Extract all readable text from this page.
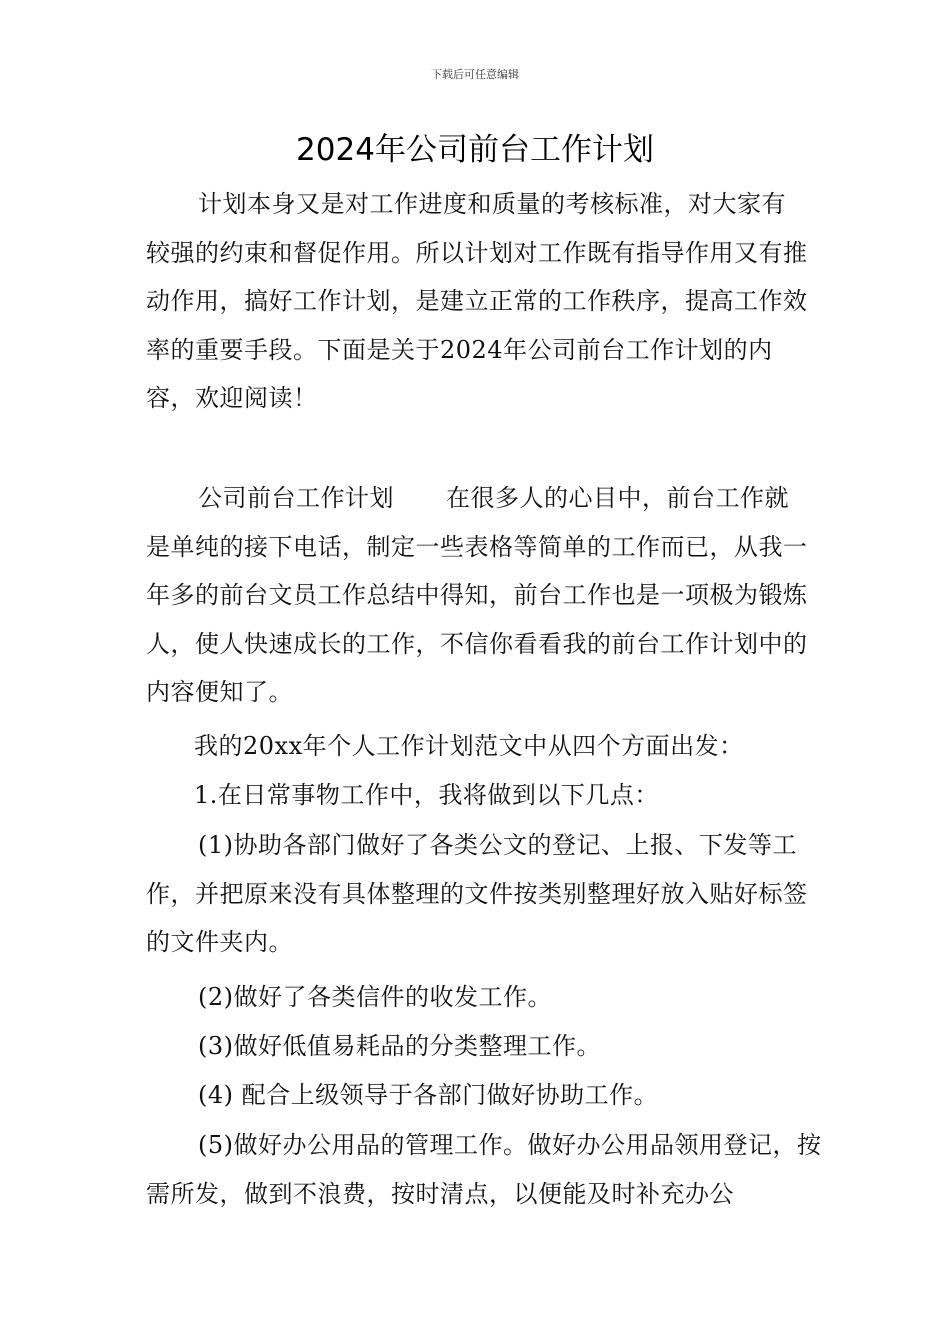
下载后可任意编辑
2024年公司前台工作计划

计划本身又是对工作进度和质量的考核标准，对大家有较强的约束和督促作用。所以计划对工作既有指导作用又有推动作用，搞好工作计划，是建立正常的工作秩序，提高工作效率的重要手段。下面是关于2024年公司前台工作计划的内容，欢迎阅读！

公司前台工作计划 在很多人的心目中，前台工作就是单纯的接下电话，制定一些表格等简单的工作而已，从我一年多的前台文员工作总结中得知，前台工作也是一项极为锻炼人，使人快速成长的工作，不信你看看我的前台工作计划中的内容便知了。

我的20xx年个人工作计划范文中从四个方面出发：

1.在日常事物工作中，我将做到以下几点：

(1)协助各部门做好了各类公文的登记、上报、下发等工作，并把原来没有具体整理的文件按类别整理好放入贴好标签的文件夹内。

(2)做好了各类信件的收发工作。

(3)做好低值易耗品的分类整理工作。

(4) 配合上级领导于各部门做好协助工作。

(5)做好办公用品的管理工作。做好办公用品领用登记，按需所发，做到不浪费，按时清点，以便能及时补充办公
